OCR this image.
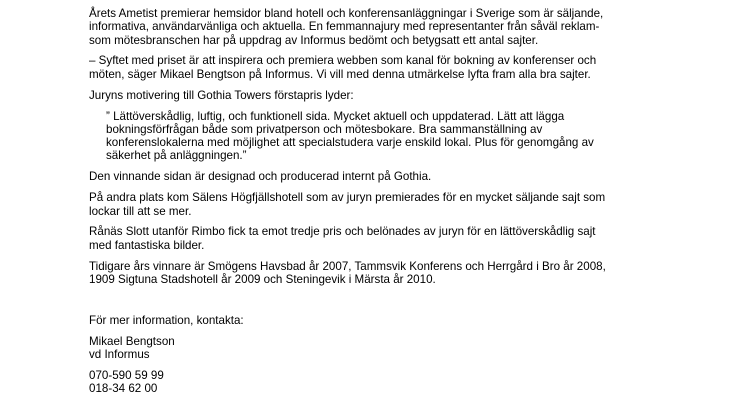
Årets Ametist premierar hemsidor bland hotell och konferensanläggningar i Sverige som är säljande,
informativa, användarvänliga och aktuella. En femmannajury med representanter från såväl reklam-
som mötesbranschen har på uppdrag av Informus bedömt och betygsatt ett antal sajter.
– Syftet med priset är att inspirera och premiera webben som kanal för bokning av konferenser och
möten, säger Mikael Bengtson på Informus. Vi vill med denna utmärkelse lyfta fram alla bra sajter.
Juryns motivering till Gothia Towers förstapris lyder:
” Lättöverskådlig, luftig, och funktionell sida. Mycket aktuell och uppdaterad. Lätt att lägga
bokningsförfrågan både som privatperson och mötesbokare. Bra sammanställning av
konferenslokalerna med möjlighet att specialstudera varje enskild lokal. Plus för genomgång av
säkerhet på anläggningen.”
Den vinnande sidan är designad och producerad internt på Gothia.
På andra plats kom Sälens Högfjällshotell som av juryn premierades för en mycket säljande sajt som
lockar till att se mer.
Rånäs Slott utanför Rimbo fick ta emot tredje pris och belönades av juryn för en lättöverskådlig sajt
med fantastiska bilder.
Tidigare års vinnare är Smögens Havsbad år 2007, Tammsvik Konferens och Herrgård i Bro år 2008,
1909 Sigtuna Stadshotell år 2009 och Steningevik i Märsta år 2010.
För mer information, kontakta:
Mikael Bengtson
vd Informus
070-590 59 99
018-34 62 00
